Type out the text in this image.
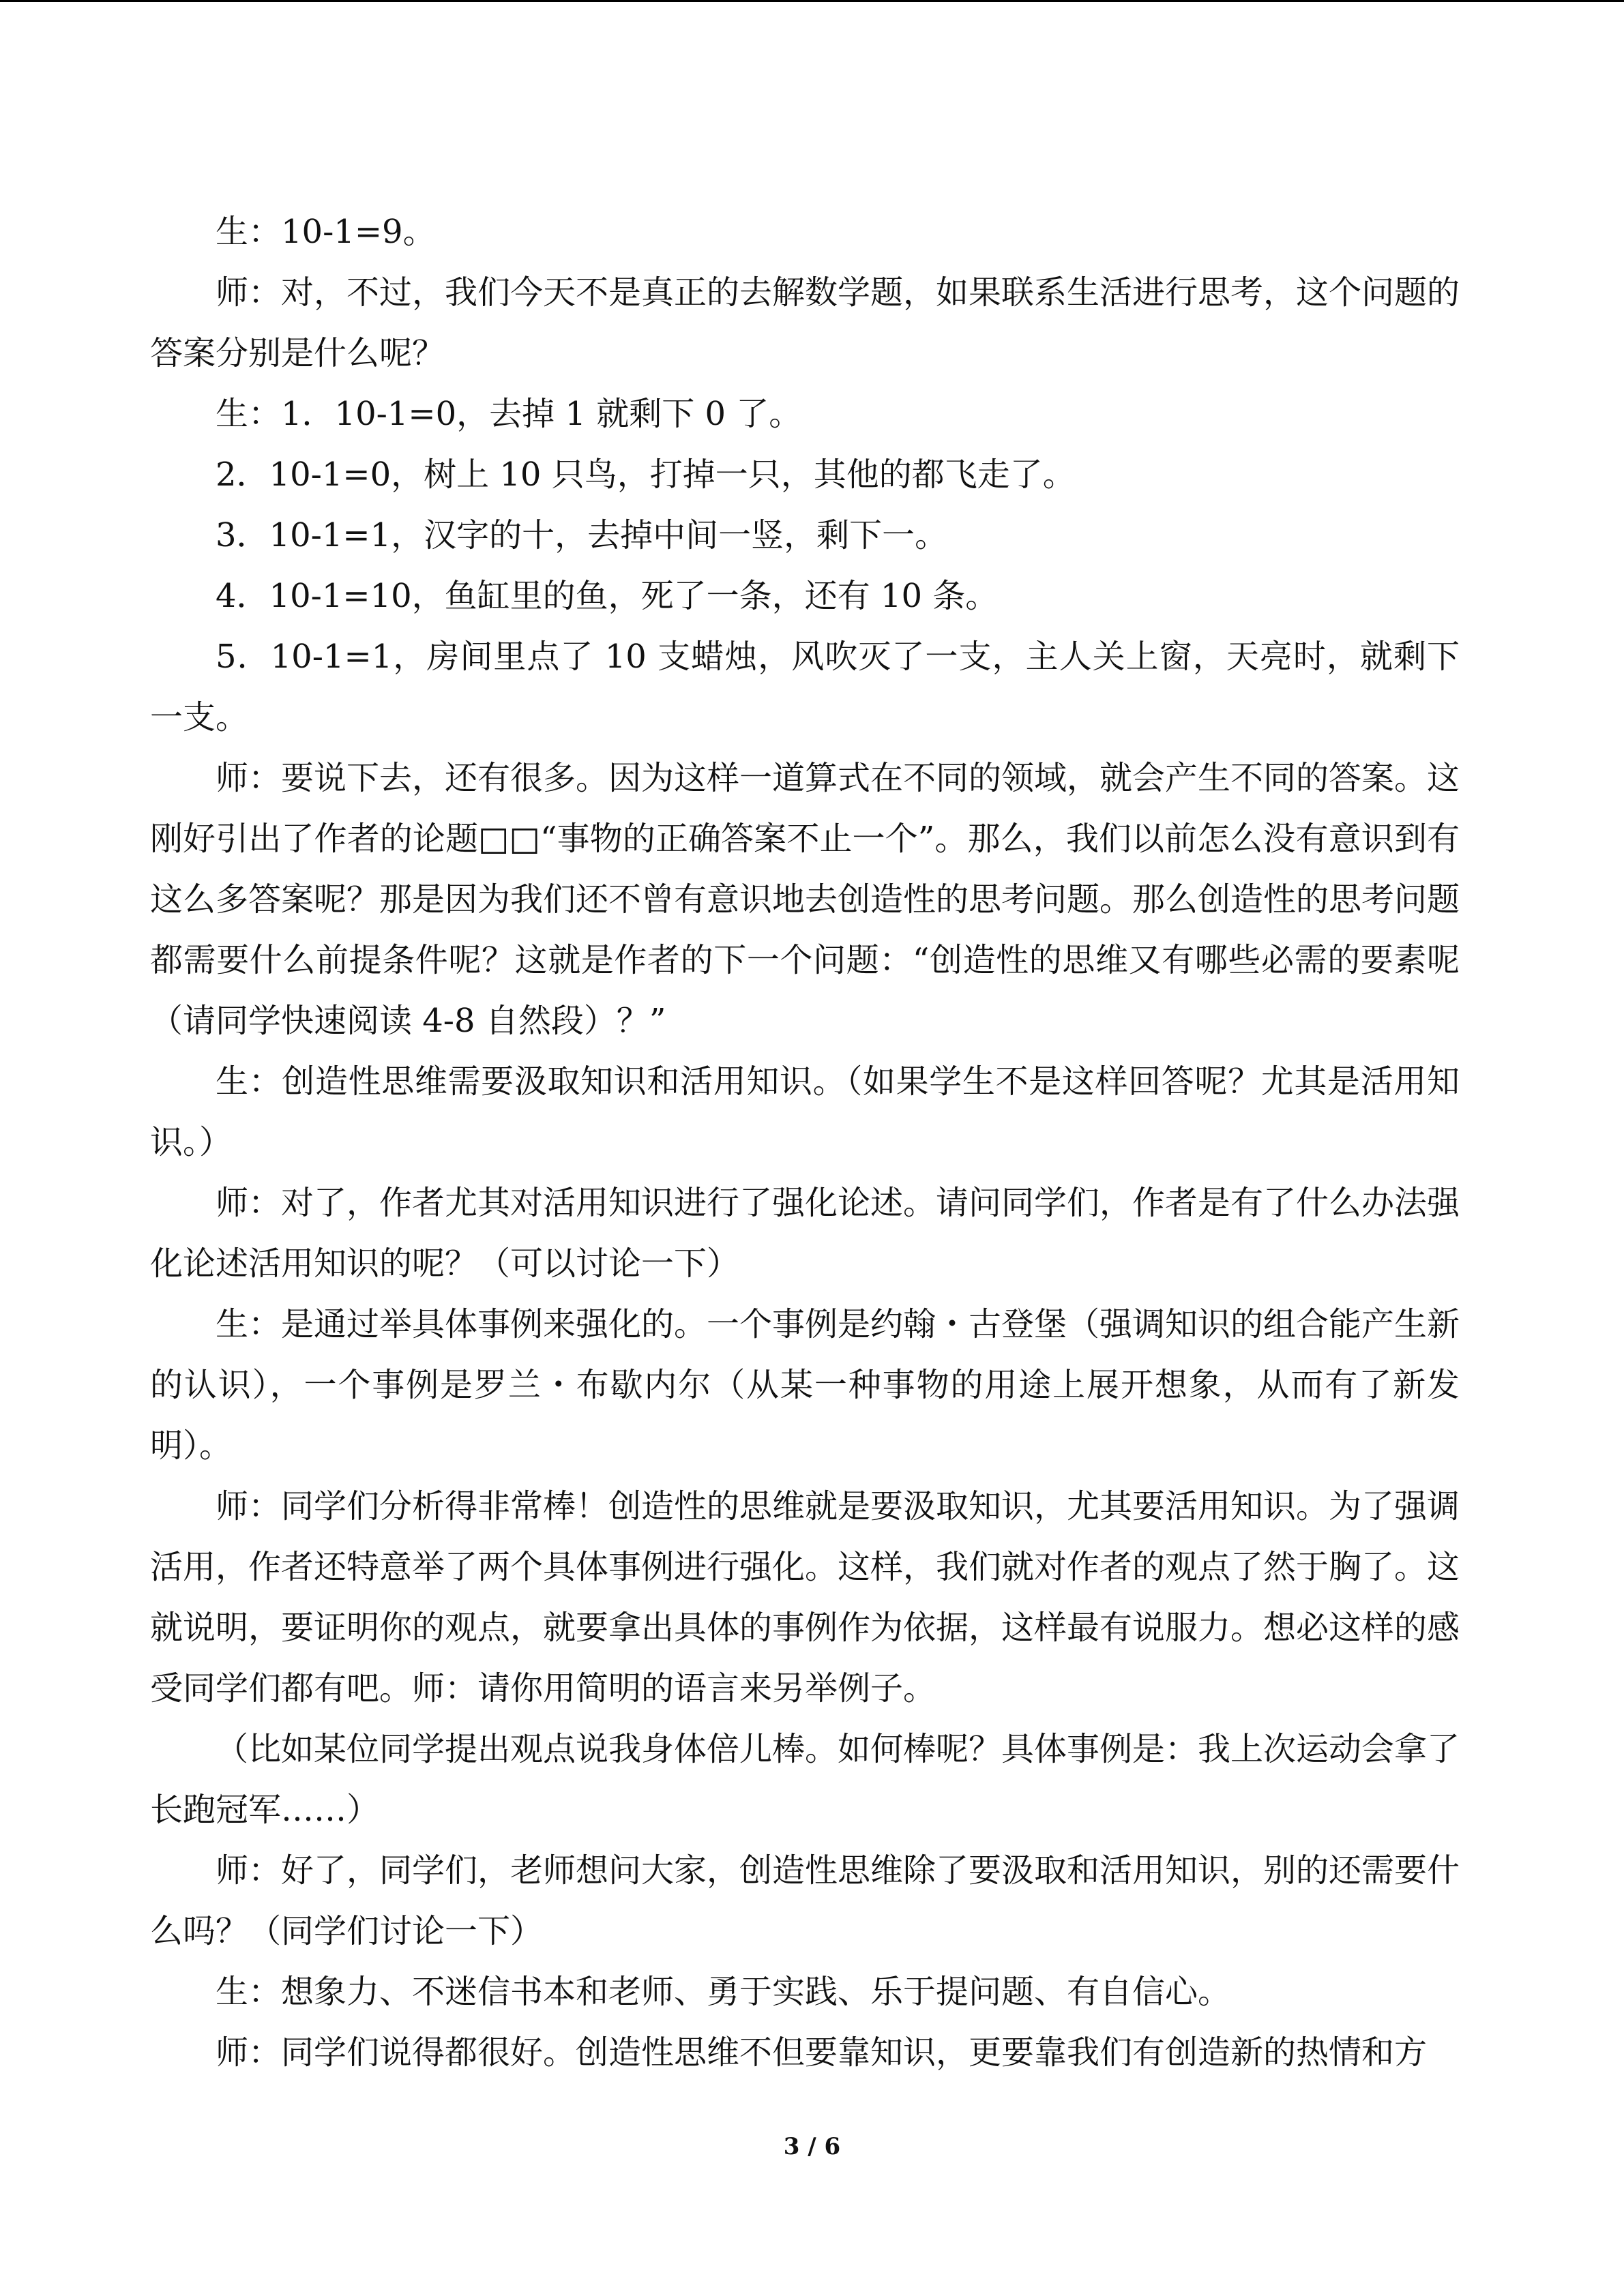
生：10-1=9。

师：对，不过，我们今天不是真正的去解数学题，如果联系生活进行思考，这个问题的答案分别是什么呢？

生：1．10-1=0，去掉 1 就剩下 0 了。

2．10-1=0，树上 10 只鸟，打掉一只，其他的都飞走了。

3．10-1=1，汉字的十，去掉中间一竖，剩下一。

4．10-1=10，鱼缸里的鱼，死了一条，还有 10 条。

5．10-1=1，房间里点了 10 支蜡烛，风吹灭了一支，主人关上窗，天亮时，就剩下一支。

师：要说下去，还有很多。因为这样一道算式在不同的领域，就会产生不同的答案。这刚好引出了作者的论题□□“事物的正确答案不止一个”。那么，我们以前怎么没有意识到有这么多答案呢？那是因为我们还不曾有意识地去创造性的思考问题。那么创造性的思考问题都需要什么前提条件呢？这就是作者的下一个问题：“创造性的思维又有哪些必需的要素呢（请同学快速阅读 4-8 自然段）？”

生：创造性思维需要汲取知识和活用知识。（如果学生不是这样回答呢？尤其是活用知识。）

师：对了，作者尤其对活用知识进行了强化论述。请问同学们，作者是有了什么办法强化论述活用知识的呢？（可以讨论一下）

生：是通过举具体事例来强化的。一个事例是约翰・古登堡（强调知识的组合能产生新的认识），一个事例是罗兰・布歇内尔（从某一种事物的用途上展开想象，从而有了新发明）。

师：同学们分析得非常棒！创造性的思维就是要汲取知识，尤其要活用知识。为了强调活用，作者还特意举了两个具体事例进行强化。这样，我们就对作者的观点了然于胸了。这就说明，要证明你的观点，就要拿出具体的事例作为依据，这样最有说服力。想必这样的感受同学们都有吧。师：请你用简明的语言来另举例子。

（比如某位同学提出观点说我身体倍儿棒。如何棒呢？具体事例是：我上次运动会拿了长跑冠军……）

师：好了，同学们，老师想问大家，创造性思维除了要汲取和活用知识，别的还需要什么吗？（同学们讨论一下）

生：想象力、不迷信书本和老师、勇于实践、乐于提问题、有自信心。

师：同学们说得都很好。创造性思维不但要靠知识，更要靠我们有创造新的热情和方

3 / 6
